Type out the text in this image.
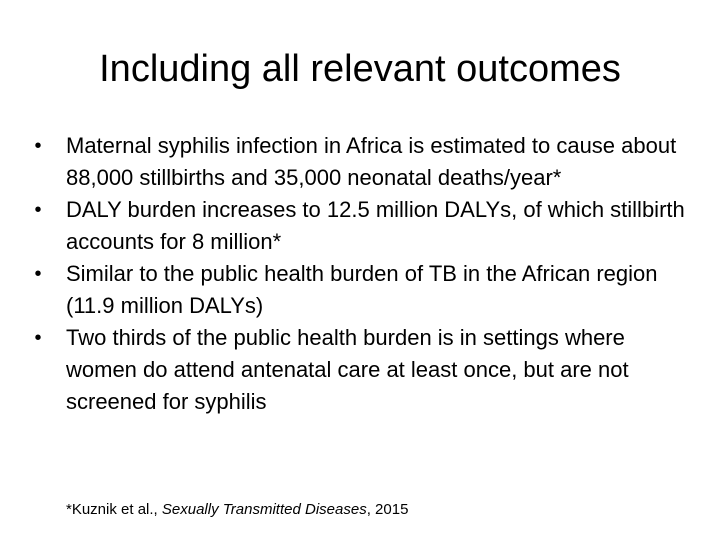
Including all relevant outcomes
• Maternal syphilis infection in Africa is estimated to cause about 88,000 stillbirths and 35,000 neonatal deaths/year*
• DALY burden increases to 12.5 million DALYs, of which stillbirth accounts for 8 million*
• Similar to the public health burden of TB in the African region (11.9 million DALYs)
• Two thirds of the public health burden is in settings where women do attend antenatal care at least once, but are not screened for syphilis
*Kuznik et al., Sexually Transmitted Diseases, 2015
